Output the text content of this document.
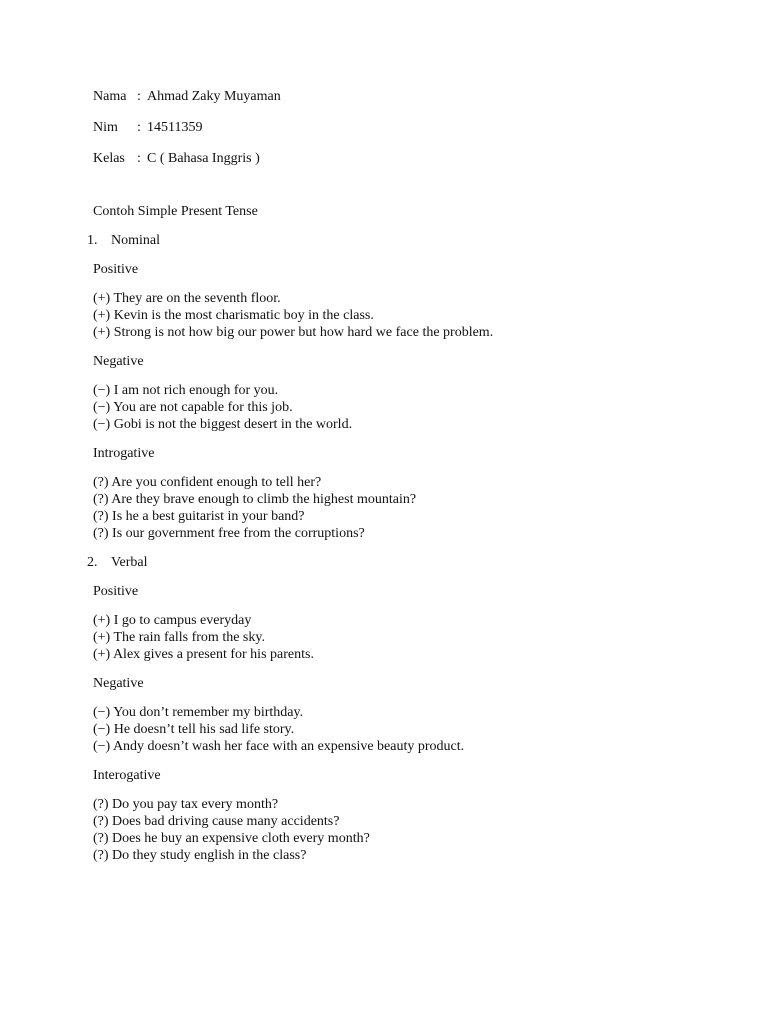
Nama : Ahmad Zaky Muyaman
Nim	: 14511359
Kelas : C ( Bahasa Inggris )
Contoh Simple Present Tense
1. Nominal
Positive
(+) They are on the seventh floor.
(+) Kevin is the most charismatic boy in the class.
(+) Strong is not how big our power but how hard we face the problem.
Negative
(−) I am not rich enough for you.
(−) You are not capable for this job.
(−) Gobi is not the biggest desert in the world.
Introgative
(?) Are you confident enough to tell her?
(?) Are they brave enough to climb the highest mountain?
(?) Is he a best guitarist in your band?
(?) Is our government free from the corruptions?
2. Verbal
Positive
(+) I go to campus everyday
(+) The rain falls from the sky.
(+) Alex gives a present for his parents.
Negative
(−) You don’t remember my birthday.
(−) He doesn’t tell his sad life story.
(−) Andy doesn’t wash her face with an expensive beauty product.
Interogative
(?) Do you pay tax every month?
(?) Does bad driving cause many accidents?
(?) Does he buy an expensive cloth every month?
(?) Do they study english in the class?
